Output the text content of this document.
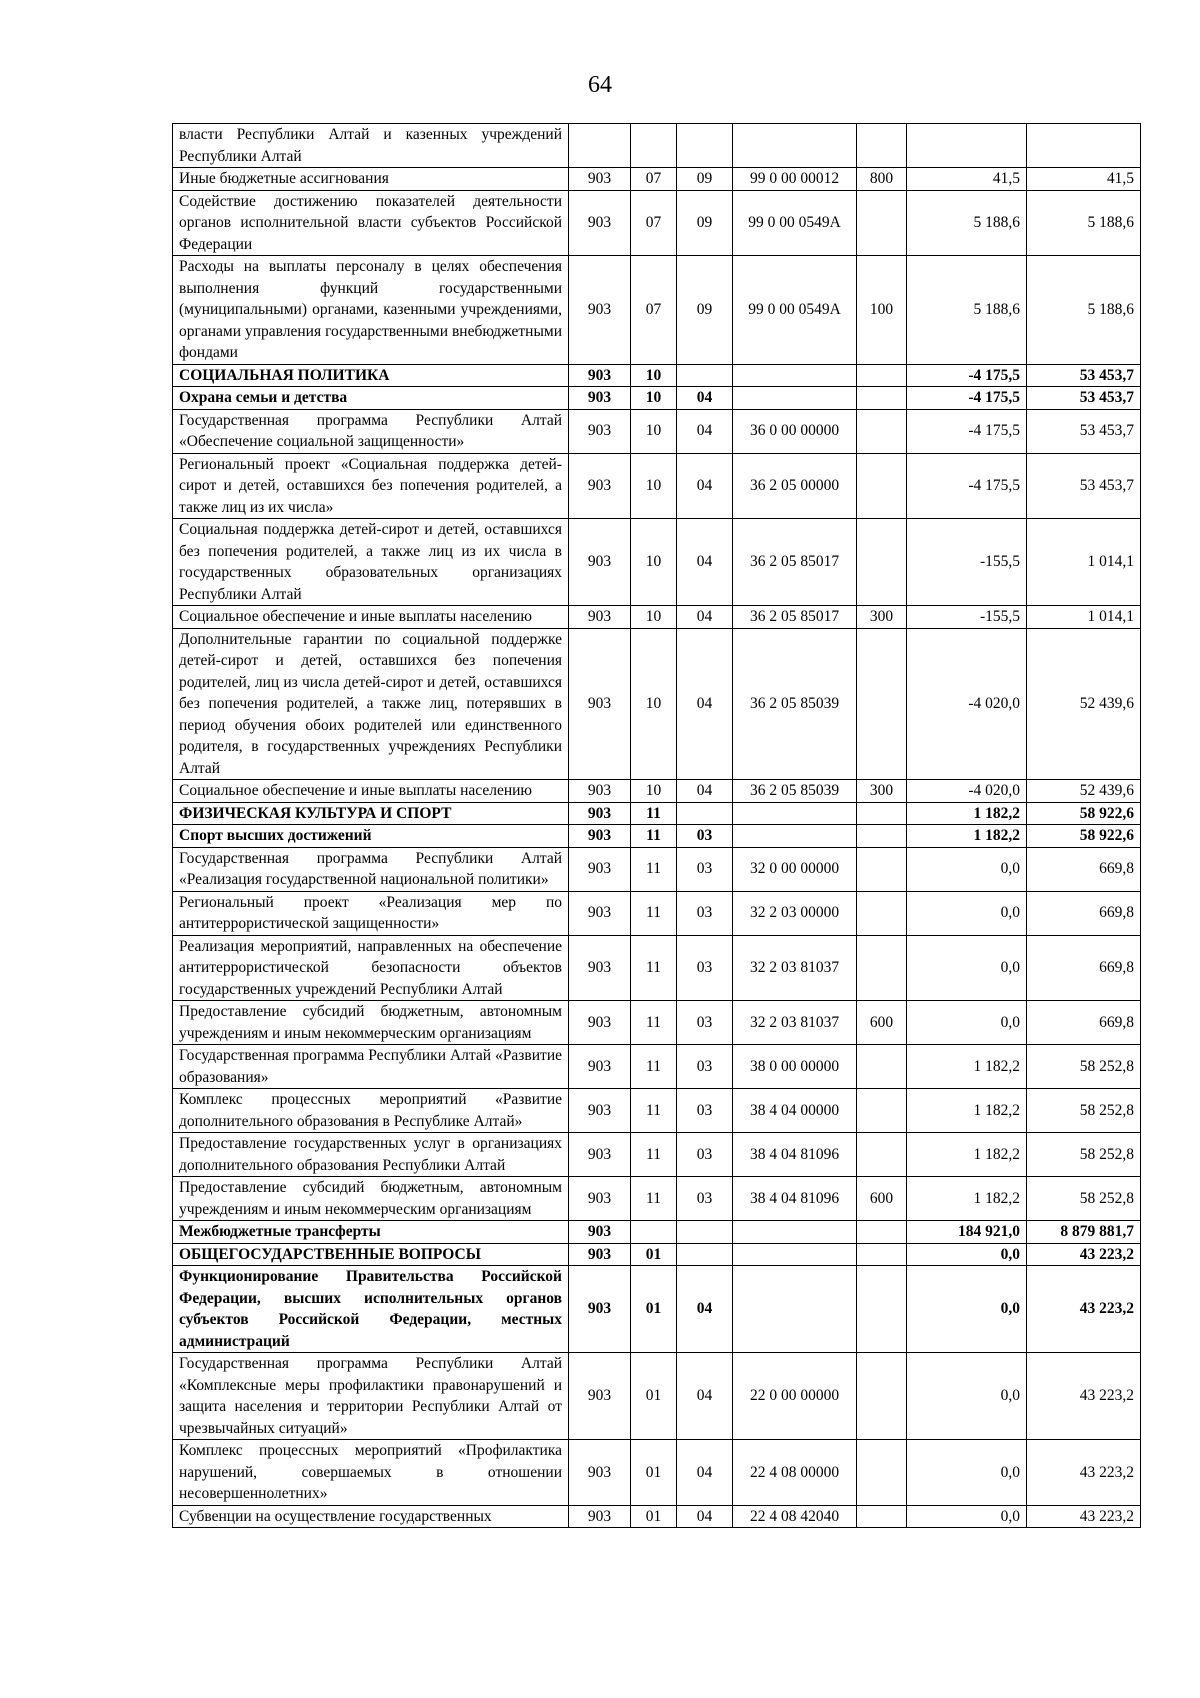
64
власти Республики Алтай и казенных учреждений Республики Алтай							
Иные бюджетные ассигнования	903	07	09	99 0 00 00012	800	41,5	41,5
Содействие достижению показателей деятельности органов исполнительной власти субъектов Российской Федерации	903	07	09	99 0 00 0549А		5 188,6	5 188,6
Расходы на выплаты персоналу в целях обеспечения выполнения функций государственными (муниципальными) органами, казенными учреждениями, органами управления государственными внебюджетными фондами	903	07	09	99 0 00 0549А	100	5 188,6	5 188,6
СОЦИАЛЬНАЯ ПОЛИТИКА	903	10				-4 175,5	53 453,7
Охрана семьи и детства	903	10	04			-4 175,5	53 453,7
Государственная программа Республики Алтай «Обеспечение социальной защищенности»	903	10	04	36 0 00 00000		-4 175,5	53 453,7
Региональный проект «Социальная поддержка детей-сирот и детей, оставшихся без попечения родителей, а также лиц из их числа»	903	10	04	36 2 05 00000		-4 175,5	53 453,7
Социальная поддержка детей-сирот и детей, оставшихся без попечения родителей, а также лиц из их числа в государственных образовательных организациях Республики Алтай	903	10	04	36 2 05 85017		-155,5	1 014,1
Социальное обеспечение и иные выплаты населению	903	10	04	36 2 05 85017	300	-155,5	1 014,1
Дополнительные гарантии по социальной поддержке детей-сирот и детей, оставшихся без попечения родителей, лиц из числа детей-сирот и детей, оставшихся без попечения родителей, а также лиц, потерявших в период обучения обоих родителей или единственного родителя, в государственных учреждениях Республики Алтай	903	10	04	36 2 05 85039		-4 020,0	52 439,6
Социальное обеспечение и иные выплаты населению	903	10	04	36 2 05 85039	300	-4 020,0	52 439,6
ФИЗИЧЕСКАЯ КУЛЬТУРА И СПОРТ	903	11				1 182,2	58 922,6
Спорт высших достижений	903	11	03			1 182,2	58 922,6
Государственная программа Республики Алтай «Реализация государственной национальной политики»	903	11	03	32 0 00 00000		0,0	669,8
Региональный проект «Реализация мер по антитеррористической защищенности»	903	11	03	32 2 03 00000		0,0	669,8
Реализация мероприятий, направленных на обеспечение антитеррористической безопасности объектов государственных учреждений Республики Алтай	903	11	03	32 2 03 81037		0,0	669,8
Предоставление субсидий бюджетным, автономным учреждениям и иным некоммерческим организациям	903	11	03	32 2 03 81037	600	0,0	669,8
Государственная программа Республики Алтай «Развитие образования»	903	11	03	38 0 00 00000		1 182,2	58 252,8
Комплекс процессных мероприятий «Развитие дополнительного образования в Республике Алтай»	903	11	03	38 4 04 00000		1 182,2	58 252,8
Предоставление государственных услуг в организациях дополнительного образования Республики Алтай	903	11	03	38 4 04 81096		1 182,2	58 252,8
Предоставление субсидий бюджетным, автономным учреждениям и иным некоммерческим организациям	903	11	03	38 4 04 81096	600	1 182,2	58 252,8
Межбюджетные трансферты	903					184 921,0	8 879 881,7
ОБЩЕГОСУДАРСТВЕННЫЕ ВОПРОСЫ	903	01				0,0	43 223,2
Функционирование Правительства Российской Федерации, высших исполнительных органов субъектов Российской Федерации, местных администраций	903	01	04			0,0	43 223,2
Государственная программа Республики Алтай «Комплексные меры профилактики правонарушений и защита населения и территории Республики Алтай от чрезвычайных ситуаций»	903	01	04	22 0 00 00000		0,0	43 223,2
Комплекс процессных мероприятий «Профилактика нарушений, совершаемых в отношении несовершеннолетних»	903	01	04	22 4 08 00000		0,0	43 223,2
Субвенции на осуществление государственных	903	01	04	22 4 08 42040		0,0	43 223,2
